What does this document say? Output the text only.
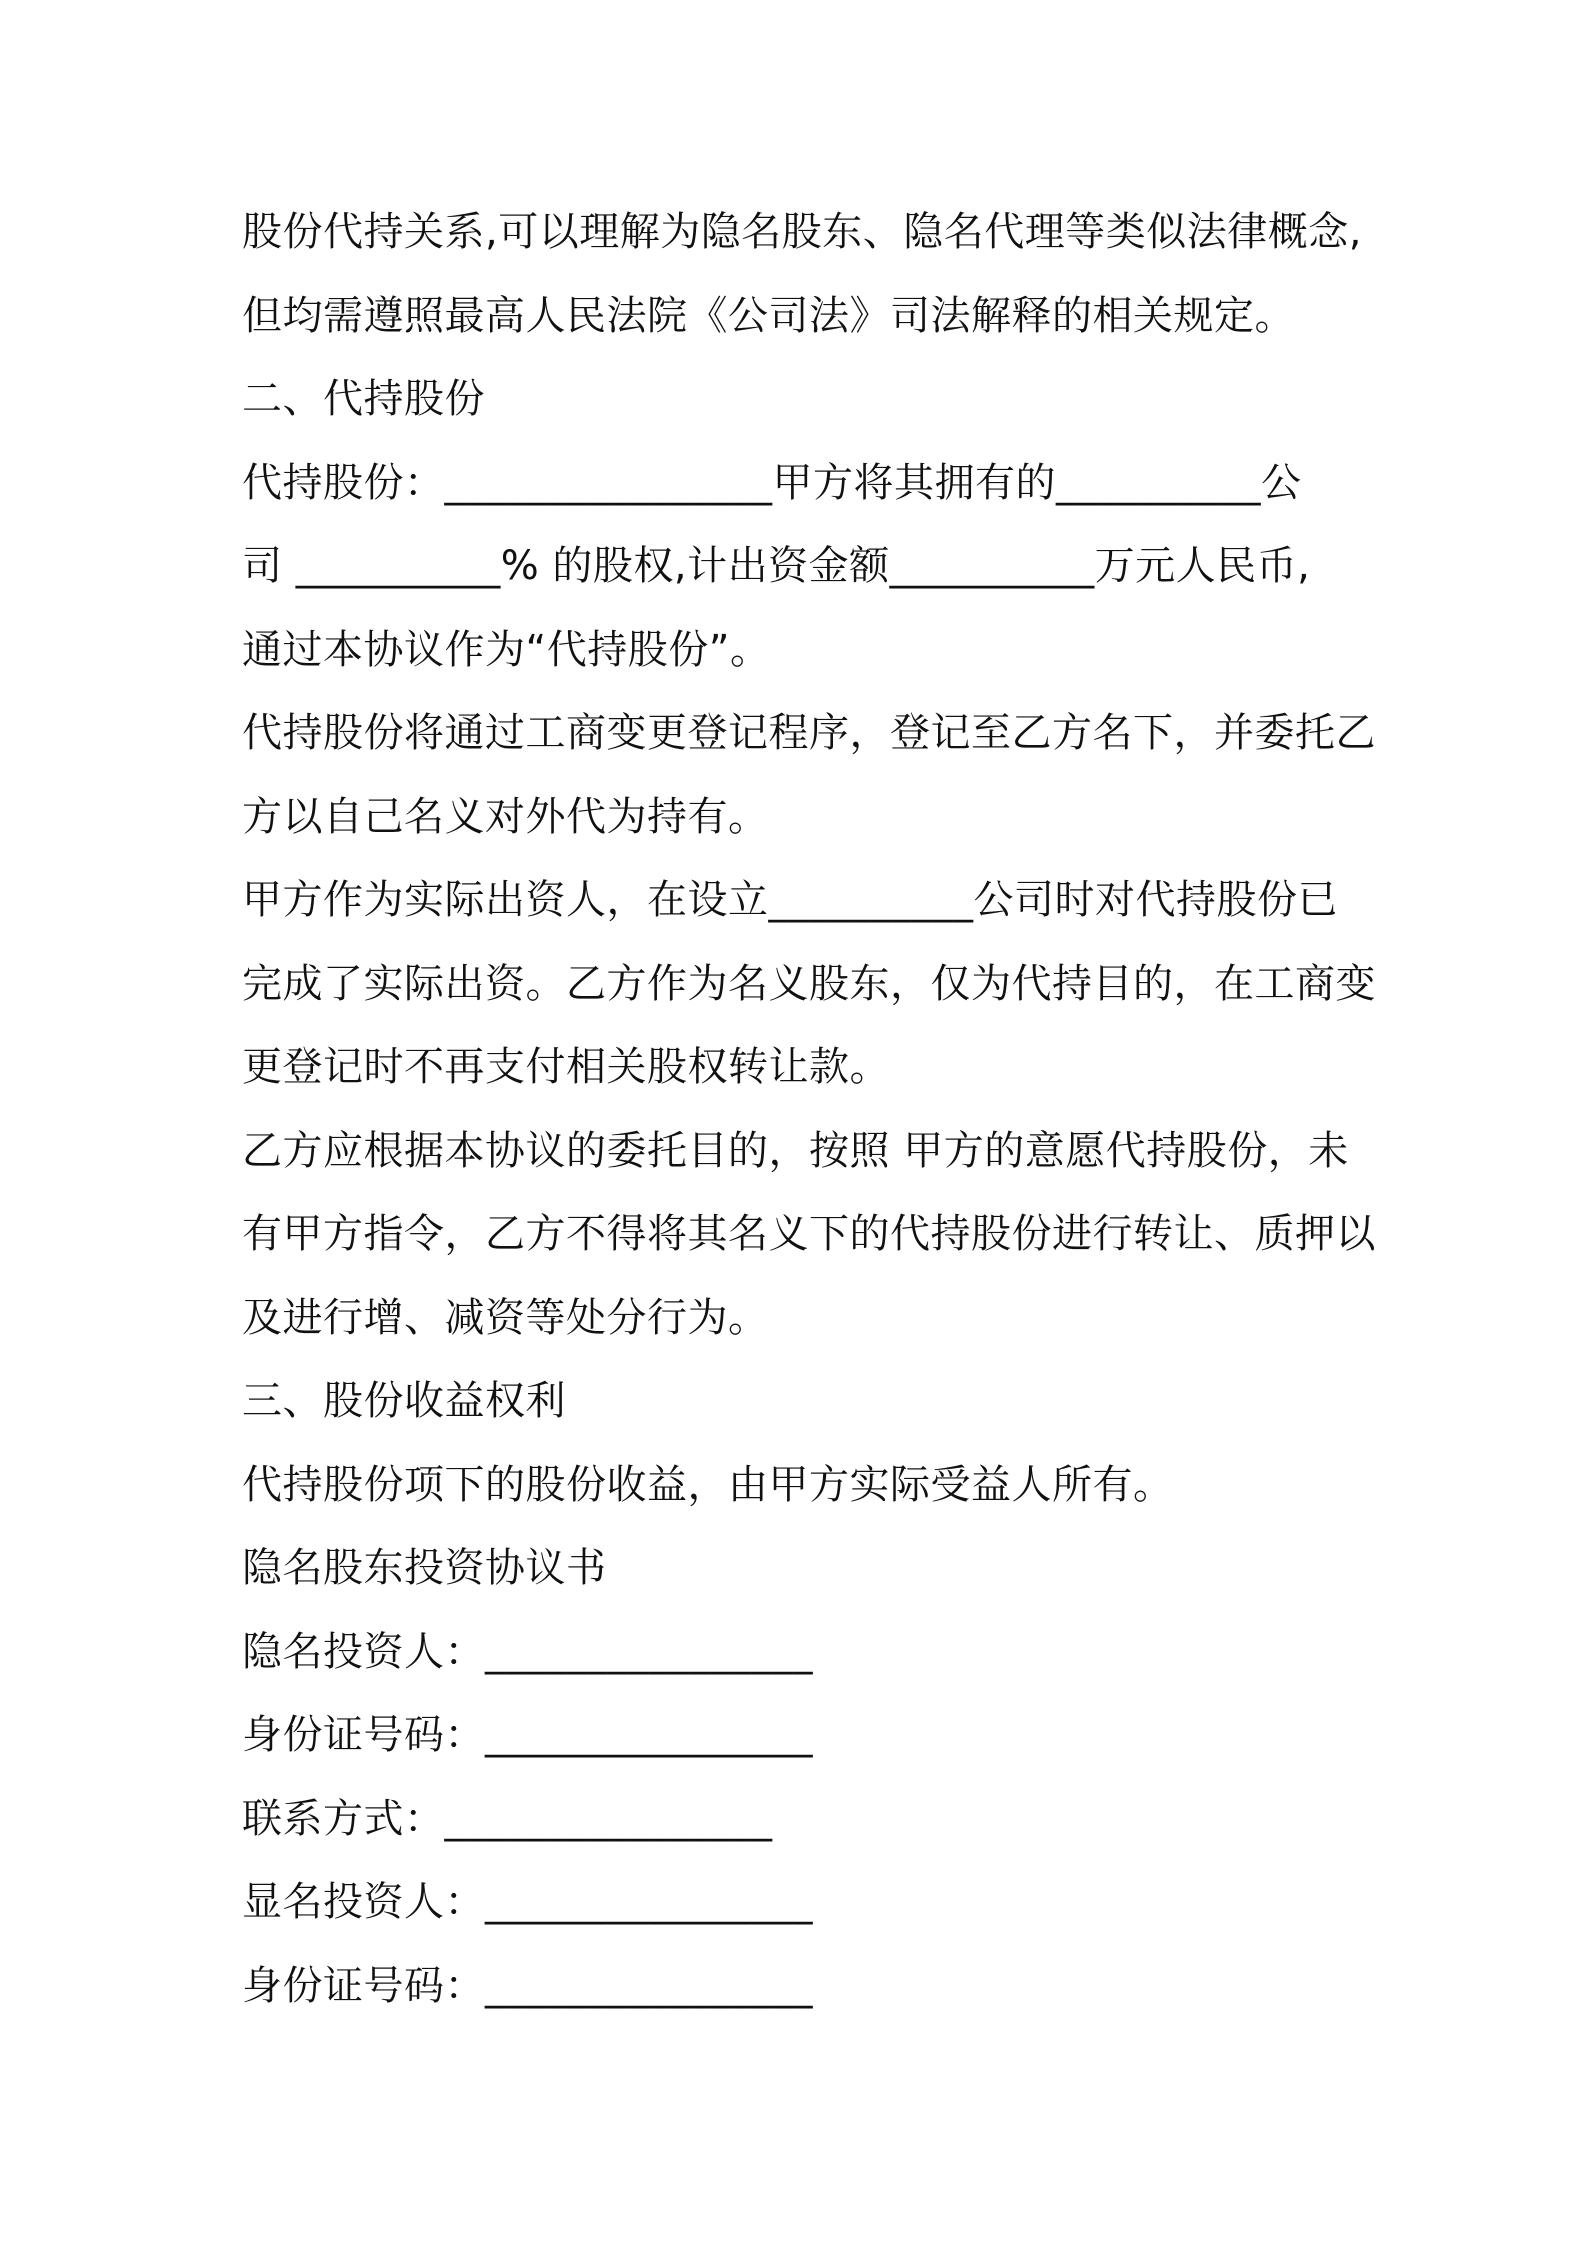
股份代持关系,可以理解为隐名股东、隐名代理等类似法律概念,
但均需遵照最高人民法院《公司法》司法解释的相关规定。
二、代持股份
代持股份：________________甲方将其拥有的__________公
司 __________% 的股权,计出资金额__________万元人民币,
通过本协议作为“代持股份”。
代持股份将通过工商变更登记程序，登记至乙方名下，并委托乙
方以自己名义对外代为持有。
甲方作为实际出资人，在设立__________公司时对代持股份已
完成了实际出资。乙方作为名义股东，仅为代持目的，在工商变
更登记时不再支付相关股权转让款。
乙方应根据本协议的委托目的，按照 甲方的意愿代持股份，未
有甲方指令，乙方不得将其名义下的代持股份进行转让、质押以
及进行增、减资等处分行为。
三、股份收益权利
代持股份项下的股份收益，由甲方实际受益人所有。
隐名股东投资协议书
隐名投资人：________________
身份证号码：________________
联系方式：________________
显名投资人：________________
身份证号码：________________
